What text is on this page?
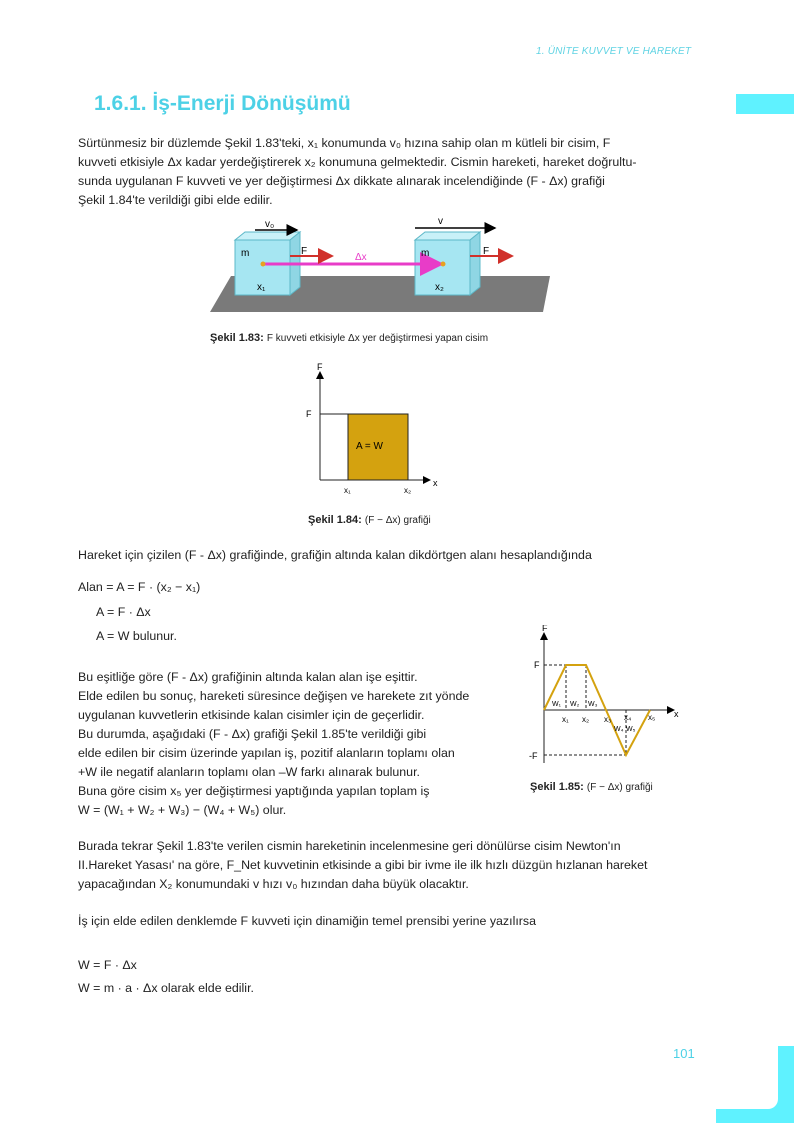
1. ÜNİTE KUVVET VE HAREKET
1.6.1. İş-Enerji Dönüşümü
Sürtünmesiz bir düzlemde Şekil 1.83'teki, x₁ konumunda v₀ hızına sahip olan m kütleli bir cisim, F
kuvveti etkisiyle Δx kadar yerdeğiştirerek x₂ konumuna gelmektedir. Cismin hareketi, hareket doğrultu-
sunda uygulanan F kuvveti ve yer değiştirmesi Δx dikkate alınarak incelendiğinde (F - Δx) grafiği
Şekil 1.84'te verildiği gibi elde edilir.
v₀	v
m	m
F	F
Δx
x₁	x₂
Şekil 1.83: F kuvveti etkisiyle Δx yer değiştirmesi yapan cisim
F
x
F
A = W
x₁	x₂
Şekil 1.84: (F − Δx) grafiği
Hareket için çizilen (F - Δx) grafiğinde, grafiğin altında kalan dikdörtgen alanı hesaplandığında
Alan = A = F · (x₂ − x₁)
A = F · Δx
A = W bulunur.
Bu eşitliğe göre (F - Δx) grafiğinin altında kalan alan işe eşittir.
Elde edilen bu sonuç, hareketi süresince değişen ve harekete zıt yönde
uygulanan kuvvetlerin etkisinde kalan cisimler için de geçerlidir.
Bu durumda, aşağıdaki (F - Δx) grafiği Şekil 1.85'te verildiği gibi
elde edilen bir cisim üzerinde yapılan iş, pozitif alanların toplamı olan
+W ile negatif alanların toplamı olan –W farkı alınarak bulunur.
Buna göre cisim x₅ yer değiştirmesi yaptığında yapılan toplam iş
W = (W₁ + W₂ + W₃) − (W₄ + W₅) olur.
F
x
F
-F
W₁ W₂ W₃
W₄ W₅
x₁ x₂ x₃ x₄ x₅
Şekil 1.85: (F − Δx) grafiği
Burada tekrar Şekil 1.83'te verilen cismin hareketinin incelenmesine geri dönülürse cisim Newton'ın
II.Hareket Yasası' na göre, F_Net kuvvetinin etkisinde a gibi bir ivme ile ilk hızlı düzgün hızlanan hareket
yapacağından X₂ konumundaki v hızı v₀ hızından daha büyük olacaktır.
İş için elde edilen denklemde F kuvveti için dinamiğin temel prensibi yerine yazılırsa
W = F · Δx
W = m · a · Δx olarak elde edilir.
101
